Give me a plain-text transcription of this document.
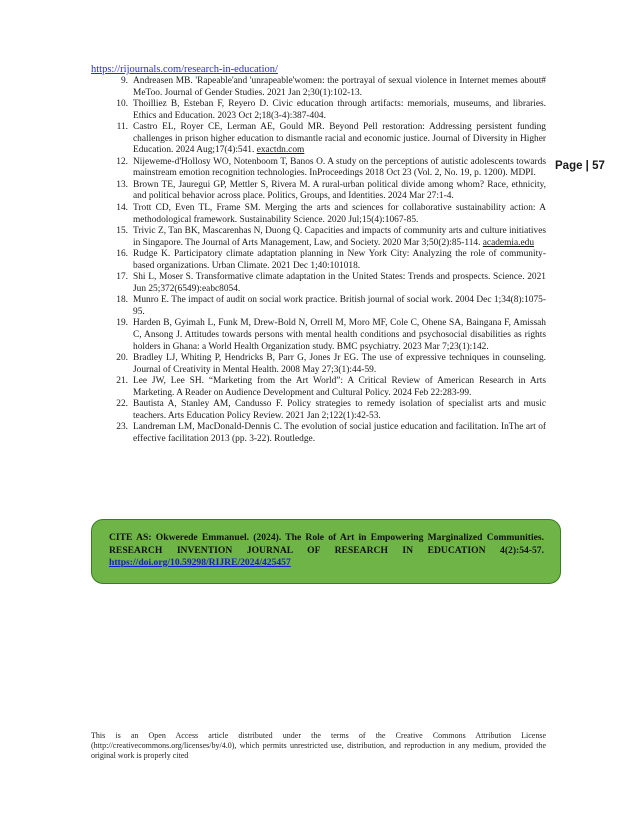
https://rijournals.com/research-in-education/
Page | 57
9. Andreasen MB. 'Rapeable'and 'unrapeable'women: the portrayal of sexual violence in Internet memes about# MeToo. Journal of Gender Studies. 2021 Jan 2;30(1):102-13.
10. Thoilliez B, Esteban F, Reyero D. Civic education through artifacts: memorials, museums, and libraries. Ethics and Education. 2023 Oct 2;18(3-4):387-404.
11. Castro EL, Royer CE, Lerman AE, Gould MR. Beyond Pell restoration: Addressing persistent funding challenges in prison higher education to dismantle racial and economic justice. Journal of Diversity in Higher Education. 2024 Aug;17(4):541. exactdn.com
12. Nijeweme-d'Hollosy WO, Notenboom T, Banos O. A study on the perceptions of autistic adolescents towards mainstream emotion recognition technologies. InProceedings 2018 Oct 23 (Vol. 2, No. 19, p. 1200). MDPI.
13. Brown TE, Jauregui GP, Mettler S, Rivera M. A rural-urban political divide among whom? Race, ethnicity, and political behavior across place. Politics, Groups, and Identities. 2024 Mar 27:1-4.
14. Trott CD, Even TL, Frame SM. Merging the arts and sciences for collaborative sustainability action: A methodological framework. Sustainability Science. 2020 Jul;15(4):1067-85.
15. Trivic Z, Tan BK, Mascarenhas N, Duong Q. Capacities and impacts of community arts and culture initiatives in Singapore. The Journal of Arts Management, Law, and Society. 2020 Mar 3;50(2):85-114. academia.edu
16. Rudge K. Participatory climate adaptation planning in New York City: Analyzing the role of community-based organizations. Urban Climate. 2021 Dec 1;40:101018.
17. Shi L, Moser S. Transformative climate adaptation in the United States: Trends and prospects. Science. 2021 Jun 25;372(6549):eabc8054.
18. Munro E. The impact of audit on social work practice. British journal of social work. 2004 Dec 1;34(8):1075-95.
19. Harden B, Gyimah L, Funk M, Drew-Bold N, Orrell M, Moro MF, Cole C, Ohene SA, Baingana F, Amissah C, Ansong J. Attitudes towards persons with mental health conditions and psychosocial disabilities as rights holders in Ghana: a World Health Organization study. BMC psychiatry. 2023 Mar 7;23(1):142.
20. Bradley LJ, Whiting P, Hendricks B, Parr G, Jones Jr EG. The use of expressive techniques in counseling. Journal of Creativity in Mental Health. 2008 May 27;3(1):44-59.
21. Lee JW, Lee SH. “Marketing from the Art World”: A Critical Review of American Research in Arts Marketing. A Reader on Audience Development and Cultural Policy. 2024 Feb 22:283-99.
22. Bautista A, Stanley AM, Candusso F. Policy strategies to remedy isolation of specialist arts and music teachers. Arts Education Policy Review. 2021 Jan 2;122(1):42-53.
23. Landreman LM, MacDonald-Dennis C. The evolution of social justice education and facilitation. InThe art of effective facilitation 2013 (pp. 3-22). Routledge.
CITE AS: Okwerede Emmanuel. (2024). The Role of Art in Empowering Marginalized Communities. RESEARCH INVENTION JOURNAL OF RESEARCH IN EDUCATION 4(2):54-57. https://doi.org/10.59298/RIJRE/2024/425457
This is an Open Access article distributed under the terms of the Creative Commons Attribution License (http://creativecommons.org/licenses/by/4.0), which permits unrestricted use, distribution, and reproduction in any medium, provided the original work is properly cited
